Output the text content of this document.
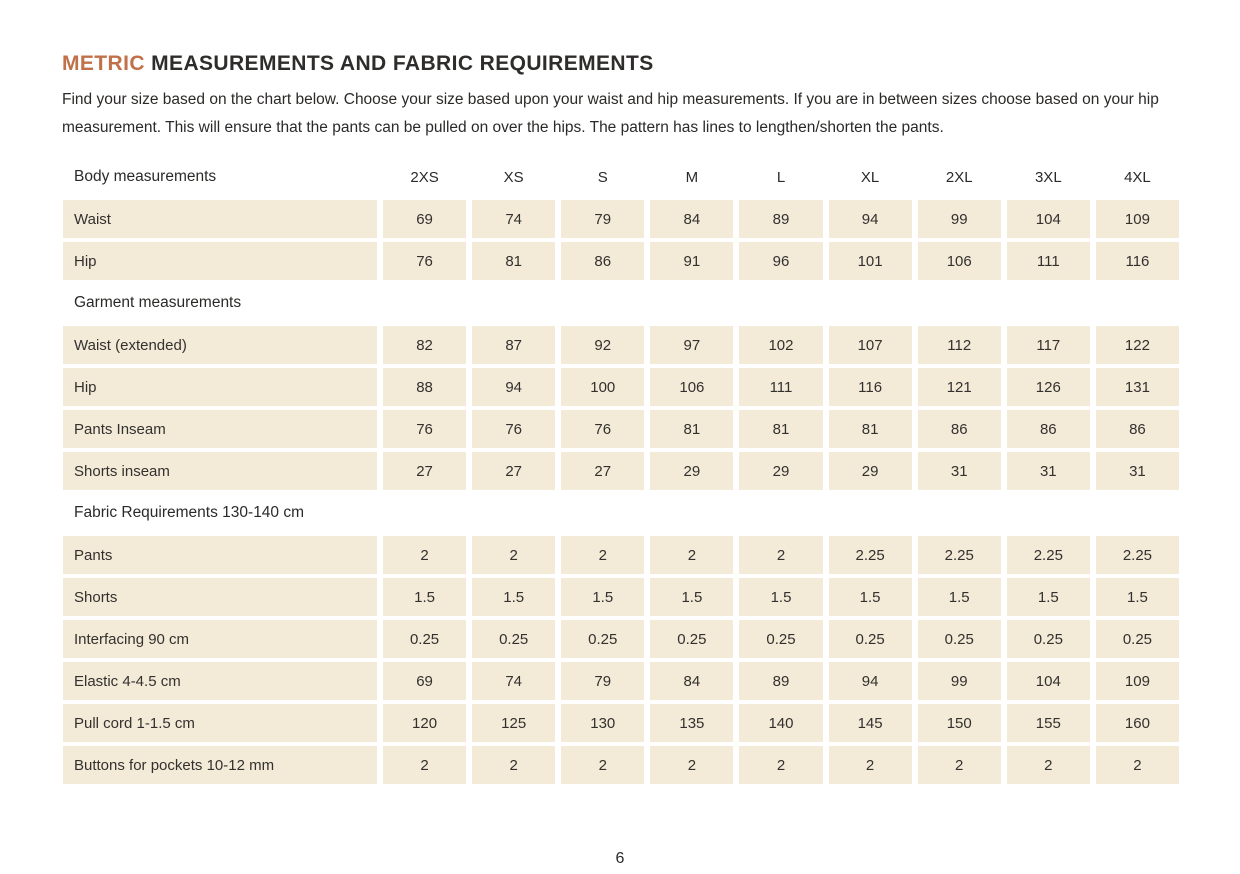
METRIC MEASUREMENTS AND FABRIC REQUIREMENTS

Find your size based on the chart below. Choose your size based upon your waist and hip measurements. If you are in between sizes choose based on your hip measurement. This will ensure that the pants can be pulled on over the hips. The pattern has lines to lengthen/shorten the pants.

Body measurements	2XS	XS	S	M	L	XL	2XL	3XL	4XL
Waist	69	74	79	84	89	94	99	104	109
Hip	76	81	86	91	96	101	106	111	116
Garment measurements
Waist (extended)	82	87	92	97	102	107	112	117	122
Hip	88	94	100	106	111	116	121	126	131
Pants Inseam	76	76	76	81	81	81	86	86	86
Shorts inseam	27	27	27	29	29	29	31	31	31
Fabric Requirements 130-140 cm
Pants	2	2	2	2	2	2.25	2.25	2.25	2.25
Shorts	1.5	1.5	1.5	1.5	1.5	1.5	1.5	1.5	1.5
Interfacing 90 cm	0.25	0.25	0.25	0.25	0.25	0.25	0.25	0.25	0.25
Elastic 4-4.5 cm	69	74	79	84	89	94	99	104	109
Pull cord 1-1.5 cm	120	125	130	135	140	145	150	155	160
Buttons for pockets 10-12 mm	2	2	2	2	2	2	2	2	2
6
